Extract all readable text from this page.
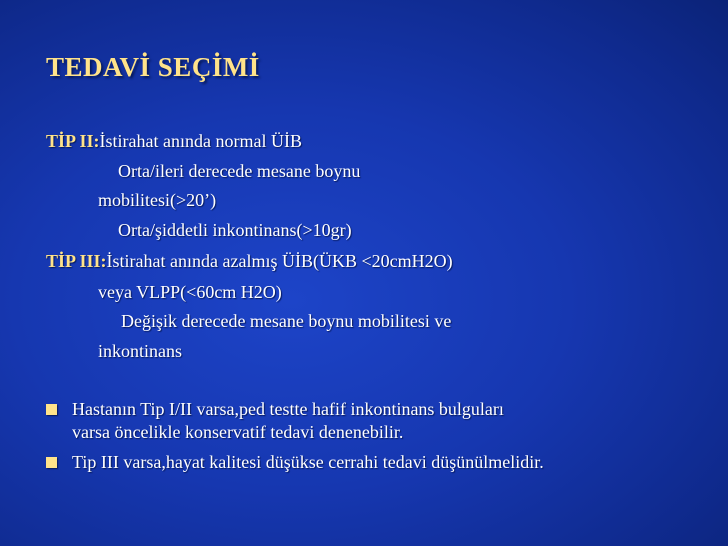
TEDAVİ SEÇİMİ
TİP II:İstirahat anında normal ÜİB
Orta/ileri derecede mesane boynu
mobilitesi(>20’)
Orta/şiddetli inkontinans(>10gr)
TİP III:İstirahat anında azalmış ÜİB(ÜKB <20cmH2O)
veya VLPP(<60cm H2O)
Değişik derecede mesane boynu mobilitesi ve
inkontinans
Hastanın Tip I/II varsa,ped testte hafif inkontinans bulguları
varsa öncelikle konservatif tedavi denenebilir.
Tip III varsa,hayat kalitesi düşükse cerrahi tedavi düşünülmelidir.
